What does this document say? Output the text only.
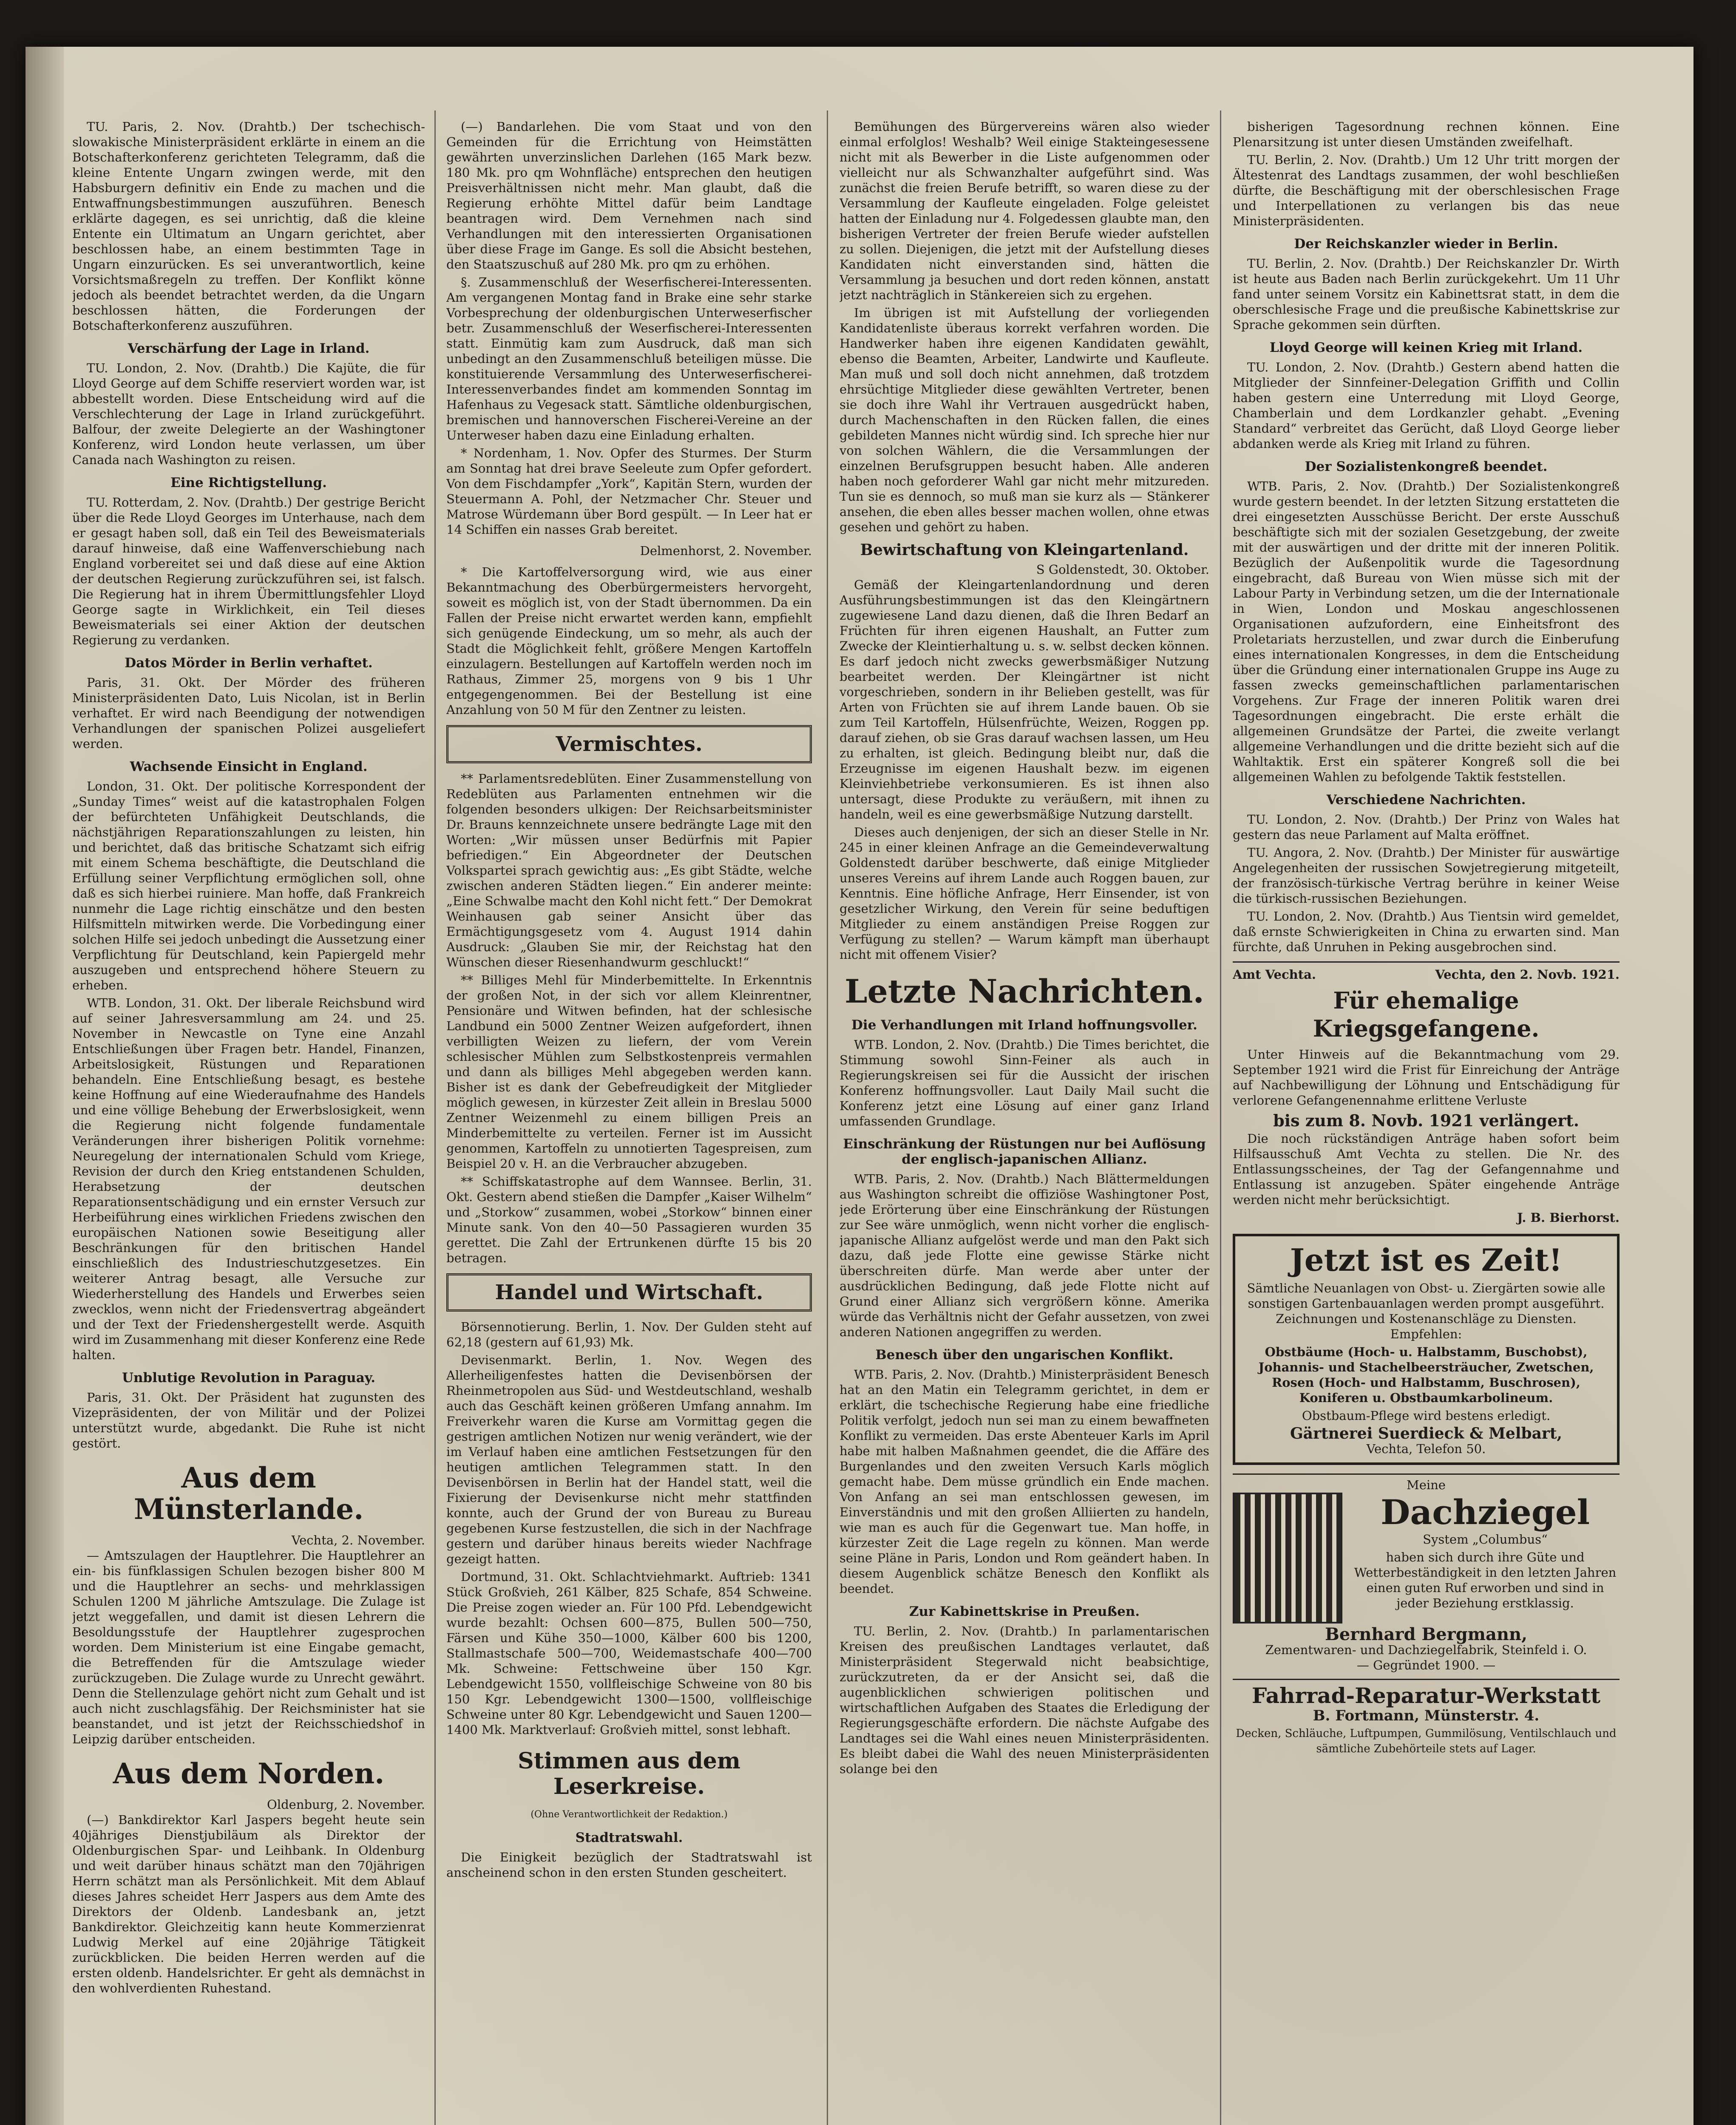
TU. Paris, 2. Nov. (Drahtb.) Der tschechisch-slowakische Ministerpräsident erklärte in einem an die Botschafterkonferenz gerichteten Telegramm, daß die kleine Entente Ungarn zwingen werde, mit den Habsburgern definitiv ein Ende zu machen und die Entwaffnungsbestimmungen auszuführen. Benesch erklärte dagegen, es sei unrichtig, daß die kleine Entente ein Ultimatum an Ungarn gerichtet, aber beschlossen habe, an einem bestimmten Tage in Ungarn einzurücken. Es sei unverantwortlich, keine Vorsichtsmaßregeln zu treffen. Der Konflikt könne jedoch als beendet betrachtet werden, da die Ungarn beschlossen hätten, die Forderungen der Botschafterkonferenz auszuführen.

Verschärfung der Lage in Irland.

TU. London, 2. Nov. (Drahtb.) Die Kajüte, die für Lloyd George auf dem Schiffe reserviert worden war, ist abbestellt worden. Diese Entscheidung wird auf die Verschlechterung der Lage in Irland zurückgeführt. Balfour, der zweite Delegierte an der Washingtoner Konferenz, wird London heute verlassen, um über Canada nach Washington zu reisen.

Eine Richtigstellung.

TU. Rotterdam, 2. Nov. (Drahtb.) Der gestrige Bericht über die Rede Lloyd Georges im Unterhause, nach dem er gesagt haben soll, daß ein Teil des Beweismaterials darauf hinweise, daß eine Waffenverschiebung nach England vorbereitet sei und daß diese auf eine Aktion der deutschen Regierung zurückzuführen sei, ist falsch. Die Regierung hat in ihrem Übermittlungsfehler Lloyd George sagte in Wirklichkeit, ein Teil dieses Beweismaterials sei einer Aktion der deutschen Regierung zu verdanken.

Datos Mörder in Berlin verhaftet.

Paris, 31. Okt. Der Mörder des früheren Ministerpräsidenten Dato, Luis Nicolan, ist in Berlin verhaftet. Er wird nach Beendigung der notwendigen Verhandlungen der spanischen Polizei ausgeliefert werden.

Wachsende Einsicht in England.

London, 31. Okt. Der politische Korrespondent der „Sunday Times“ weist auf die katastrophalen Folgen der befürchteten Unfähigkeit Deutschlands, die nächstjährigen Reparationszahlungen zu leisten, hin und berichtet, daß das britische Schatzamt sich eifrig mit einem Schema beschäftigte, die Deutschland die Erfüllung seiner Verpflichtung ermöglichen soll, ohne daß es sich hierbei ruiniere. Man hoffe, daß Frankreich nunmehr die Lage richtig einschätze und den besten Hilfsmitteln mitwirken werde. Die Vorbedingung einer solchen Hilfe sei jedoch unbedingt die Aussetzung einer Verpflichtung für Deutschland, kein Papiergeld mehr auszugeben und entsprechend höhere Steuern zu erheben.

WTB. London, 31. Okt. Der liberale Reichsbund wird auf seiner Jahresversammlung am 24. und 25. November in Newcastle on Tyne eine Anzahl Entschließungen über Fragen betr. Handel, Finanzen, Arbeitslosigkeit, Rüstungen und Reparationen behandeln. Eine Entschließung besagt, es bestehe keine Hoffnung auf eine Wiederaufnahme des Handels und eine völlige Behebung der Erwerbslosigkeit, wenn die Regierung nicht folgende fundamentale Veränderungen ihrer bisherigen Politik vornehme: Neuregelung der internationalen Schuld vom Kriege, Revision der durch den Krieg entstandenen Schulden, Herabsetzung der deutschen Reparationsentschädigung und ein ernster Versuch zur Herbeiführung eines wirklichen Friedens zwischen den europäischen Nationen sowie Beseitigung aller Beschränkungen für den britischen Handel einschließlich des Industrieschutzgesetzes. Ein weiterer Antrag besagt, alle Versuche zur Wiederherstellung des Handels und Erwerbes seien zwecklos, wenn nicht der Friedensvertrag abgeändert und der Text der Friedenshergestellt werde. Asquith wird im Zusammenhang mit dieser Konferenz eine Rede halten.

Unblutige Revolution in Paraguay.

Paris, 31. Okt. Der Präsident hat zugunsten des Vizepräsidenten, der von Militär und der Polizei unterstützt wurde, abgedankt. Die Ruhe ist nicht gestört.

Aus dem Münsterlande.
Vechta, 2. November.

— Amtszulagen der Hauptlehrer. Die Hauptlehrer an ein- bis fünfklassigen Schulen bezogen bisher 800 M und die Hauptlehrer an sechs- und mehrklassigen Schulen 1200 M jährliche Amtszulage. Die Zulage ist jetzt weggefallen, und damit ist diesen Lehrern die Besoldungsstufe der Hauptlehrer zugesprochen worden. Dem Ministerium ist eine Eingabe gemacht, die Betreffenden für die Amtszulage wieder zurückzugeben. Die Zulage wurde zu Unrecht gewährt. Denn die Stellenzulage gehört nicht zum Gehalt und ist auch nicht zuschlagsfähig. Der Reichsminister hat sie beanstandet, und ist jetzt der Reichsschiedshof in Leipzig darüber entscheiden.

Aus dem Norden.
Oldenburg, 2. November.

(—) Bankdirektor Karl Jaspers begeht heute sein 40jähriges Dienstjubiläum als Direktor der Oldenburgischen Spar- und Leihbank. In Oldenburg und weit darüber hinaus schätzt man den 70jährigen Herrn schätzt man als Persönlichkeit. Mit dem Ablauf dieses Jahres scheidet Herr Jaspers aus dem Amte des Direktors der Oldenb. Landesbank an, jetzt Bankdirektor. Gleichzeitig kann heute Kommerzienrat Ludwig Merkel auf eine 20jährige Tätigkeit zurückblicken. Die beiden Herren werden auf die ersten oldenb. Handelsrichter. Er geht als demnächst in den wohlverdienten Ruhestand.

(—) Bandarlehen. Die vom Staat und von den Gemeinden für die Errichtung von Heimstätten gewährten unverzinslichen Darlehen (165 Mark bezw. 180 Mk. pro qm Wohnfläche) entsprechen den heutigen Preisverhältnissen nicht mehr. Man glaubt, daß die Regierung erhöhte Mittel dafür beim Landtage beantragen wird. Dem Vernehmen nach sind Verhandlungen mit den interessierten Organisationen über diese Frage im Gange. Es soll die Absicht bestehen, den Staatszuschuß auf 280 Mk. pro qm zu erhöhen.

§. Zusammenschluß der Weserfischerei-Interessenten. Am vergangenen Montag fand in Brake eine sehr starke Vorbesprechung der oldenburgischen Unterweserfischer betr. Zusammenschluß der Weserfischerei-Interessenten statt. Einmütig kam zum Ausdruck, daß man sich unbedingt an den Zusammenschluß beteiligen müsse. Die konstituierende Versammlung des Unterweserfischerei-Interessenverbandes findet am kommenden Sonntag im Hafenhaus zu Vegesack statt. Sämtliche oldenburgischen, bremischen und hannoverschen Fischerei-Vereine an der Unterweser haben dazu eine Einladung erhalten.

* Nordenham, 1. Nov. Opfer des Sturmes. Der Sturm am Sonntag hat drei brave Seeleute zum Opfer gefordert. Von dem Fischdampfer „York“, Kapitän Stern, wurden der Steuermann A. Pohl, der Netzmacher Chr. Steuer und Matrose Würdemann über Bord gespült. — In Leer hat er 14 Schiffen ein nasses Grab bereitet.

Delmenhorst, 2. November.

* Die Kartoffelversorgung wird, wie aus einer Bekanntmachung des Oberbürgermeisters hervorgeht, soweit es möglich ist, von der Stadt übernommen. Da ein Fallen der Preise nicht erwartet werden kann, empfiehlt sich genügende Eindeckung, um so mehr, als auch der Stadt die Möglichkeit fehlt, größere Mengen Kartoffeln einzulagern. Bestellungen auf Kartoffeln werden noch im Rathaus, Zimmer 25, morgens von 9 bis 1 Uhr entgegengenommen. Bei der Bestellung ist eine Anzahlung von 50 M für den Zentner zu leisten.

Vermischtes.

** Parlamentsredeblüten. Einer Zusammenstellung von Redeblüten aus Parlamenten entnehmen wir die folgenden besonders ulkigen: Der Reichsarbeitsminister Dr. Brauns kennzeichnete unsere bedrängte Lage mit den Worten: „Wir müssen unser Bedürfnis mit Papier befriedigen.“ Ein Abgeordneter der Deutschen Volkspartei sprach gewichtig aus: „Es gibt Städte, welche zwischen anderen Städten liegen.“ Ein anderer meinte: „Eine Schwalbe macht den Kohl nicht fett.“ Der Demokrat Weinhausen gab seiner Ansicht über das Ermächtigungsgesetz vom 4. August 1914 dahin Ausdruck: „Glauben Sie mir, der Reichstag hat den Wünschen dieser Riesenhandwurm geschluckt!“

** Billiges Mehl für Minderbemittelte. In Erkenntnis der großen Not, in der sich vor allem Kleinrentner, Pensionäre und Witwen befinden, hat der schlesische Landbund ein 5000 Zentner Weizen aufgefordert, ihnen verbilligten Weizen zu liefern, der vom Verein schlesischer Mühlen zum Selbstkostenpreis vermahlen und dann als billiges Mehl abgegeben werden kann. Bisher ist es dank der Gebefreudigkeit der Mitglieder möglich gewesen, in kürzester Zeit allein in Breslau 5000 Zentner Weizenmehl zu einem billigen Preis an Minderbemittelte zu verteilen. Ferner ist im Aussicht genommen, Kartoffeln zu unnotierten Tagespreisen, zum Beispiel 20 v. H. an die Verbraucher abzugeben.

** Schiffskatastrophe auf dem Wannsee. Berlin, 31. Okt. Gestern abend stießen die Dampfer „Kaiser Wilhelm“ und „Storkow“ zusammen, wobei „Storkow“ binnen einer Minute sank. Von den 40—50 Passagieren wurden 35 gerettet. Die Zahl der Ertrunkenen dürfte 15 bis 20 betragen.

Handel und Wirtschaft.

Börsennotierung. Berlin, 1. Nov. Der Gulden steht auf 62,18 (gestern auf 61,93) Mk.

Devisenmarkt. Berlin, 1. Nov. Wegen des Allerheiligenfestes hatten die Devisenbörsen der Rheinmetropolen aus Süd- und Westdeutschland, weshalb auch das Geschäft keinen größeren Umfang annahm. Im Freiverkehr waren die Kurse am Vormittag gegen die gestrigen amtlichen Notizen nur wenig verändert, wie der im Verlauf haben eine amtlichen Festsetzungen für den heutigen amtlichen Telegrammen statt. In den Devisenbörsen in Berlin hat der Handel statt, weil die Fixierung der Devisenkurse nicht mehr stattfinden konnte, auch der Grund der von Bureau zu Bureau gegebenen Kurse festzustellen, die sich in der Nachfrage gestern und darüber hinaus bereits wieder Nachfrage gezeigt hatten.

Dortmund, 31. Okt. Schlachtviehmarkt. Auftrieb: 1341 Stück Großvieh, 261 Kälber, 825 Schafe, 854 Schweine. Die Preise zogen wieder an. Für 100 Pfd. Lebendgewicht wurde bezahlt: Ochsen 600—875, Bullen 500—750, Färsen und Kühe 350—1000, Kälber 600 bis 1200, Stallmastschafe 500—700, Weidemastschafe 400—700 Mk. Schweine: Fettschweine über 150 Kgr. Lebendgewicht 1550, vollfleischige Schweine von 80 bis 150 Kgr. Lebendgewicht 1300—1500, vollfleischige Schweine unter 80 Kgr. Lebendgewicht und Sauen 1200—1400 Mk. Marktverlauf: Großvieh mittel, sonst lebhaft.

Stimmen aus dem Leserkreise.
(Ohne Verantwortlichkeit der Redaktion.)
Stadtratswahl.

Die Einigkeit bezüglich der Stadtratswahl ist anscheinend schon in den ersten Stunden gescheitert.

Bemühungen des Bürgervereins wären also wieder einmal erfolglos! Weshalb? Weil einige Stakteingesessene nicht mit als Bewerber in die Liste aufgenommen oder vielleicht nur als Schwanzhalter aufgeführt sind. Was zunächst die freien Berufe betrifft, so waren diese zu der Versammlung der Kaufleute eingeladen. Folge geleistet hatten der Einladung nur 4. Folgedessen glaubte man, den bisherigen Vertreter der freien Berufe wieder aufstellen zu sollen. Diejenigen, die jetzt mit der Aufstellung dieses Kandidaten nicht einverstanden sind, hätten die Versammlung ja besuchen und dort reden können, anstatt jetzt nachträglich in Stänkereien sich zu ergehen.

Im übrigen ist mit Aufstellung der vorliegenden Kandidatenliste überaus korrekt verfahren worden. Die Handwerker haben ihre eigenen Kandidaten gewählt, ebenso die Beamten, Arbeiter, Landwirte und Kaufleute. Man muß und soll doch nicht annehmen, daß trotzdem ehrsüchtige Mitglieder diese gewählten Vertreter, benen sie doch ihre Wahl ihr Vertrauen ausgedrückt haben, durch Machenschaften in den Rücken fallen, die eines gebildeten Mannes nicht würdig sind. Ich spreche hier nur von solchen Wählern, die die Versammlungen der einzelnen Berufsgruppen besucht haben. Alle anderen haben noch geforderer Wahl gar nicht mehr mitzureden. Tun sie es dennoch, so muß man sie kurz als — Stänkerer ansehen, die eben alles besser machen wollen, ohne etwas gesehen und gehört zu haben.

Bewirtschaftung von Kleingartenland.
S Goldenstedt, 30. Oktober.

Gemäß der Kleingartenlandordnung und deren Ausführungsbestimmungen ist das den Kleingärtnern zugewiesene Land dazu dienen, daß die Ihren Bedarf an Früchten für ihren eigenen Haushalt, an Futter zum Zwecke der Kleintierhaltung u. s. w. selbst decken können. Es darf jedoch nicht zwecks gewerbsmäßiger Nutzung bearbeitet werden. Der Kleingärtner ist nicht vorgeschrieben, sondern in ihr Belieben gestellt, was für Arten von Früchten sie auf ihrem Lande bauen. Ob sie zum Teil Kartoffeln, Hülsenfrüchte, Weizen, Roggen pp. darauf ziehen, ob sie Gras darauf wachsen lassen, um Heu zu erhalten, ist gleich. Bedingung bleibt nur, daß die Erzeugnisse im eigenen Haushalt bezw. im eigenen Kleinviehbetriebe verkonsumieren. Es ist ihnen also untersagt, diese Produkte zu veräußern, mit ihnen zu handeln, weil es eine gewerbsmäßige Nutzung darstellt.

Dieses auch denjenigen, der sich an dieser Stelle in Nr. 245 in einer kleinen Anfrage an die Gemeindeverwaltung Goldenstedt darüber beschwerte, daß einige Mitglieder unseres Vereins auf ihrem Lande auch Roggen bauen, zur Kenntnis. Eine höfliche Anfrage, Herr Einsender, ist von gesetzlicher Wirkung, den Verein für seine beduftigen Mitglieder zu einem anständigen Preise Roggen zur Verfügung zu stellen? — Warum kämpft man überhaupt nicht mit offenem Visier?

Letzte Nachrichten.
Die Verhandlungen mit Irland hoffnungsvoller.

WTB. London, 2. Nov. (Drahtb.) Die Times berichtet, die Stimmung sowohl Sinn-Feiner als auch in Regierungskreisen sei für die Aussicht der irischen Konferenz hoffnungsvoller. Laut Daily Mail sucht die Konferenz jetzt eine Lösung auf einer ganz Irland umfassenden Grundlage.

Einschränkung der Rüstungen nur bei Auflösung der englisch-japanischen Allianz.

WTB. Paris, 2. Nov. (Drahtb.) Nach Blättermeldungen aus Washington schreibt die offiziöse Washingtoner Post, jede Erörterung über eine Einschränkung der Rüstungen zur See wäre unmöglich, wenn nicht vorher die englisch-japanische Allianz aufgelöst werde und man den Pakt sich dazu, daß jede Flotte eine gewisse Stärke nicht überschreiten dürfe. Man werde aber unter der ausdrücklichen Bedingung, daß jede Flotte nicht auf Grund einer Allianz sich vergrößern könne. Amerika würde das Verhältnis nicht der Gefahr aussetzen, von zwei anderen Nationen angegriffen zu werden.

Benesch über den ungarischen Konflikt.

WTB. Paris, 2. Nov. (Drahtb.) Ministerpräsident Benesch hat an den Matin ein Telegramm gerichtet, in dem er erklärt, die tschechische Regierung habe eine friedliche Politik verfolgt, jedoch nun sei man zu einem bewaffneten Konflikt zu vermeiden. Das erste Abenteuer Karls im April habe mit halben Maßnahmen geendet, die die Affäre des Burgenlandes und den zweiten Versuch Karls möglich gemacht habe. Dem müsse gründlich ein Ende machen. Von Anfang an sei man entschlossen gewesen, im Einverständnis und mit den großen Alliierten zu handeln, wie man es auch für die Gegenwart tue. Man hoffe, in kürzester Zeit die Lage regeln zu können. Man werde seine Pläne in Paris, London und Rom geändert haben. In diesem Augenblick schätze Benesch den Konflikt als beendet.

Zur Kabinettskrise in Preußen.

TU. Berlin, 2. Nov. (Drahtb.) In parlamentarischen Kreisen des preußischen Landtages verlautet, daß Ministerpräsident Stegerwald nicht beabsichtige, zurückzutreten, da er der Ansicht sei, daß die augenblicklichen schwierigen politischen und wirtschaftlichen Aufgaben des Staates die Erledigung der Regierungsgeschäfte erfordern. Die nächste Aufgabe des Landtages sei die Wahl eines neuen Ministerpräsidenten. Es bleibt dabei die Wahl des neuen Ministerpräsidenten solange bei den

bisherigen Tagesordnung rechnen können. Eine Plenarsitzung ist unter diesen Umständen zweifelhaft.

TU. Berlin, 2. Nov. (Drahtb.) Um 12 Uhr tritt morgen der Ältestenrat des Landtags zusammen, der wohl beschließen dürfte, die Beschäftigung mit der oberschlesischen Frage und Interpellationen zu verlangen bis das neue Ministerpräsidenten.

Der Reichskanzler wieder in Berlin.

TU. Berlin, 2. Nov. (Drahtb.) Der Reichskanzler Dr. Wirth ist heute aus Baden nach Berlin zurückgekehrt. Um 11 Uhr fand unter seinem Vorsitz ein Kabinettsrat statt, in dem die oberschlesische Frage und die preußische Kabinettskrise zur Sprache gekommen sein dürften.

Lloyd George will keinen Krieg mit Irland.

TU. London, 2. Nov. (Drahtb.) Gestern abend hatten die Mitglieder der Sinnfeiner-Delegation Griffith und Collin haben gestern eine Unterredung mit Lloyd George, Chamberlain und dem Lordkanzler gehabt. „Evening Standard“ verbreitet das Gerücht, daß Lloyd George lieber abdanken werde als Krieg mit Irland zu führen.

Der Sozialistenkongreß beendet.

WTB. Paris, 2. Nov. (Drahtb.) Der Sozialistenkongreß wurde gestern beendet. In der letzten Sitzung erstatteten die drei eingesetzten Ausschüsse Bericht. Der erste Ausschuß beschäftigte sich mit der sozialen Gesetzgebung, der zweite mit der auswärtigen und der dritte mit der inneren Politik. Bezüglich der Außenpolitik wurde die Tagesordnung eingebracht, daß Bureau von Wien müsse sich mit der Labour Party in Verbindung setzen, um die der Internationale in Wien, London und Moskau angeschlossenen Organisationen aufzufordern, eine Einheitsfront des Proletariats herzustellen, und zwar durch die Einberufung eines internationalen Kongresses, in dem die Entscheidung über die Gründung einer internationalen Gruppe ins Auge zu fassen zwecks gemeinschaftlichen parlamentarischen Vorgehens. Zur Frage der inneren Politik waren drei Tagesordnungen eingebracht. Die erste erhält die allgemeinen Grundsätze der Partei, die zweite verlangt allgemeine Verhandlungen und die dritte bezieht sich auf die Wahltaktik. Erst ein späterer Kongreß soll die bei allgemeinen Wahlen zu befolgende Taktik feststellen.

Verschiedene Nachrichten.

TU. London, 2. Nov. (Drahtb.) Der Prinz von Wales hat gestern das neue Parlament auf Malta eröffnet.

TU. Angora, 2. Nov. (Drahtb.) Der Minister für auswärtige Angelegenheiten der russischen Sowjetregierung mitgeteilt, der französisch-türkische Vertrag berühre in keiner Weise die türkisch-russischen Beziehungen.

TU. London, 2. Nov. (Drahtb.) Aus Tientsin wird gemeldet, daß ernste Schwierigkeiten in China zu erwarten sind. Man fürchte, daß Unruhen in Peking ausgebrochen sind.

Amt Vechta.	Vechta, den 2. Novb. 1921.
Für ehemalige Kriegsgefangene.

Unter Hinweis auf die Bekanntmachung vom 29. September 1921 wird die Frist für Einreichung der Anträge auf Nachbewilligung der Löhnung und Entschädigung für verlorene Gefangenennahme erlittene Verluste

bis zum 8. Novb. 1921 verlängert.

Die noch rückständigen Anträge haben sofort beim Hilfsausschuß Amt Vechta zu stellen. Die Nr. des Entlassungsscheines, der Tag der Gefangennahme und Entlassung ist anzugeben. Später eingehende Anträge werden nicht mehr berücksichtigt.

J. B. Bierhorst.
Jetzt ist es Zeit!

Sämtliche Neuanlagen von Obst- u. Ziergärten sowie alle sonstigen Gartenbauanlagen werden prompt ausgeführt. Zeichnungen und Kostenanschläge zu Diensten. Empfehlen:

Obstbäume (Hoch- u. Halbstamm, Buschobst), Johannis- und Stachelbeersträucher, Zwetschen, Rosen (Hoch- und Halbstamm, Buschrosen), Koniferen u. Obstbaumkarbolineum.

Obstbaum-Pflege wird bestens erledigt.

Gärtnerei Suerdieck & Melbart,
Vechta, Telefon 50.
Meine
Dachziegel
System „Columbus“

haben sich durch ihre Güte und Wetterbeständigkeit in den letzten Jahren einen guten Ruf erworben und sind in jeder Beziehung erstklassig.

Bernhard Bergmann,
Zementwaren- und Dachziegelfabrik, Steinfeld i. O.
— Gegründet 1900. —
Fahrrad-Reparatur-Werkstatt
B. Fortmann, Münsterstr. 4.

Decken, Schläuche, Luftpumpen, Gummilösung, Ventilschlauch und sämtliche Zubehörteile stets auf Lager.
